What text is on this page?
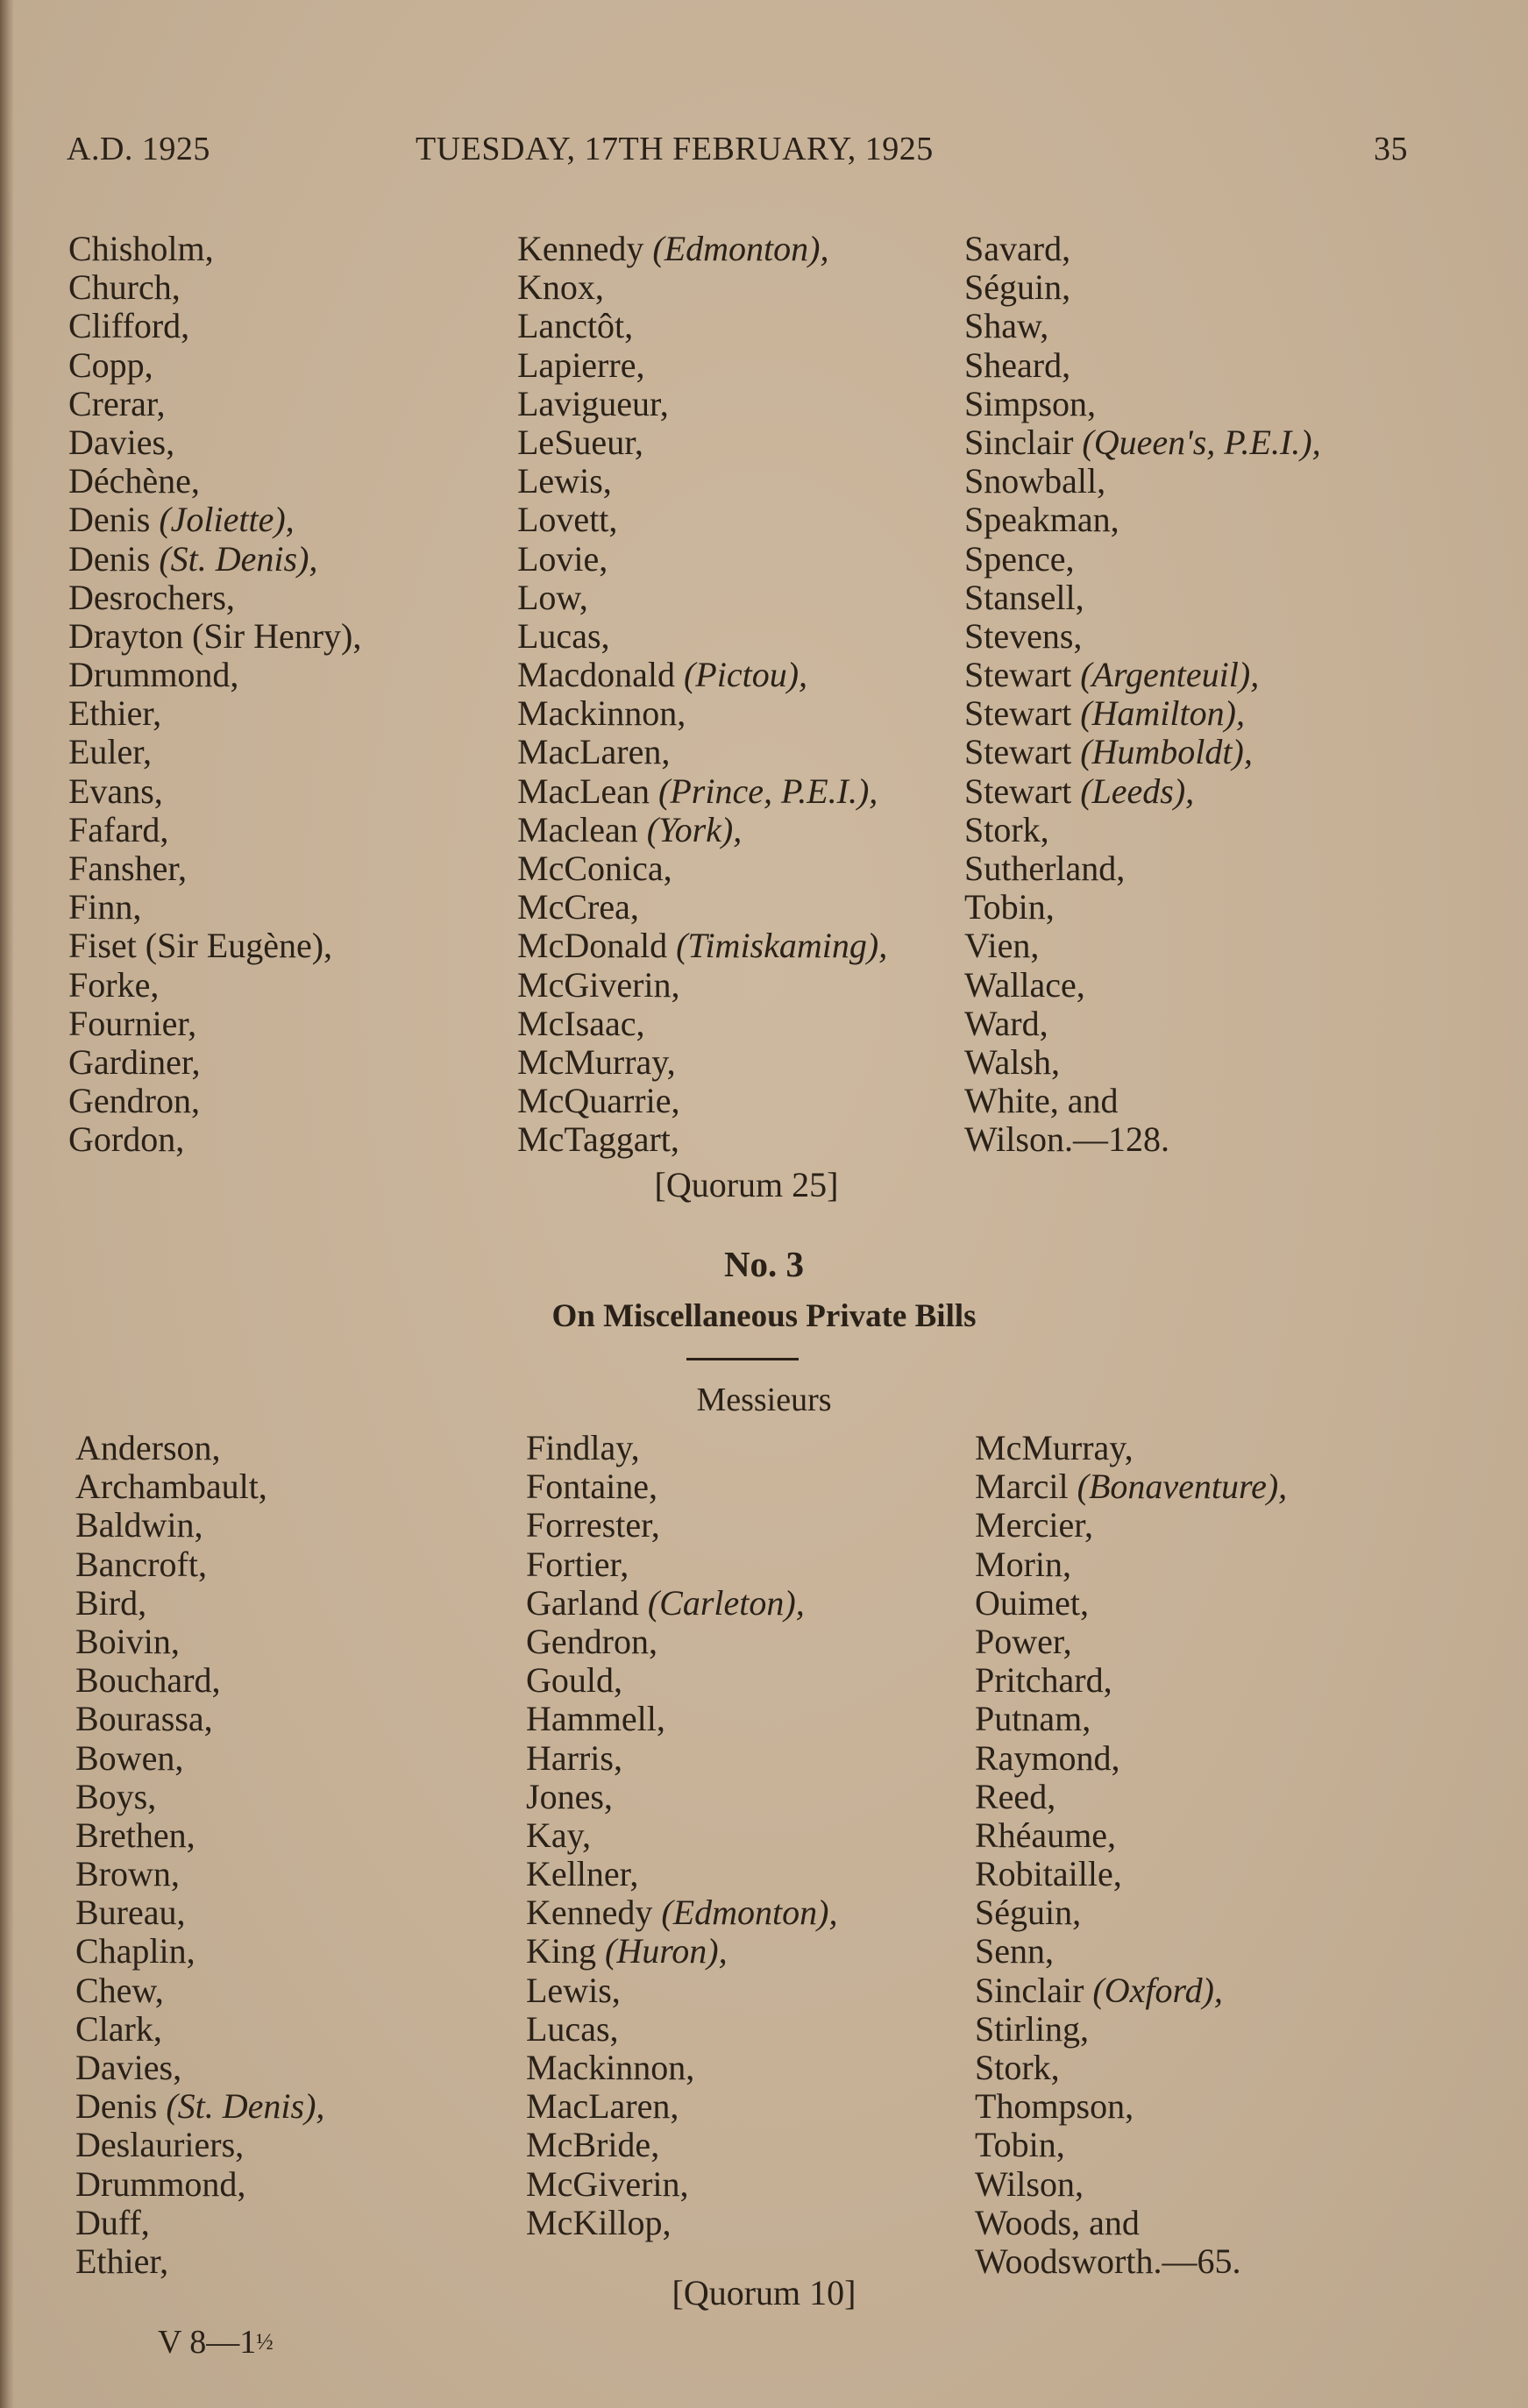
A.D. 1925	TUESDAY, 17TH FEBRUARY, 1925	35
Chisholm,
Church,
Clifford,
Copp,
Crerar,
Davies,
Déchène,
Denis (Joliette),
Denis (St. Denis),
Desrochers,
Drayton (Sir Henry),
Drummond,
Ethier,
Euler,
Evans,
Fafard,
Fansher,
Finn,
Fiset (Sir Eugène),
Forke,
Fournier,
Gardiner,
Gendron,
Gordon,
Kennedy (Edmonton),
Knox,
Lanctôt,
Lapierre,
Lavigueur,
LeSueur,
Lewis,
Lovett,
Lovie,
Low,
Lucas,
Macdonald (Pictou),
Mackinnon,
MacLaren,
MacLean (Prince, P.E.I.),
Maclean (York),
McConica,
McCrea,
McDonald (Timiskaming),
McGiverin,
McIsaac,
McMurray,
McQuarrie,
McTaggart,
Savard,
Séguin,
Shaw,
Sheard,
Simpson,
Sinclair (Queen's, P.E.I.),
Snowball,
Speakman,
Spence,
Stansell,
Stevens,
Stewart (Argenteuil),
Stewart (Hamilton),
Stewart (Humboldt),
Stewart (Leeds),
Stork,
Sutherland,
Tobin,
Vien,
Wallace,
Ward,
Walsh,
White, and
Wilson.—128.
[Quorum 25]
No. 3
On Miscellaneous Private Bills
Messieurs
Anderson,
Archambault,
Baldwin,
Bancroft,
Bird,
Boivin,
Bouchard,
Bourassa,
Bowen,
Boys,
Brethen,
Brown,
Bureau,
Chaplin,
Chew,
Clark,
Davies,
Denis (St. Denis),
Deslauriers,
Drummond,
Duff,
Ethier,
Findlay,
Fontaine,
Forrester,
Fortier,
Garland (Carleton),
Gendron,
Gould,
Hammell,
Harris,
Jones,
Kay,
Kellner,
Kennedy (Edmonton),
King (Huron),
Lewis,
Lucas,
Mackinnon,
MacLaren,
McBride,
McGiverin,
McKillop,
McMurray,
Marcil (Bonaventure),
Mercier,
Morin,
Ouimet,
Power,
Pritchard,
Putnam,
Raymond,
Reed,
Rhéaume,
Robitaille,
Séguin,
Senn,
Sinclair (Oxford),
Stirling,
Stork,
Thompson,
Tobin,
Wilson,
Woods, and
Woodsworth.—65.
[Quorum 10]
V 8—1½
